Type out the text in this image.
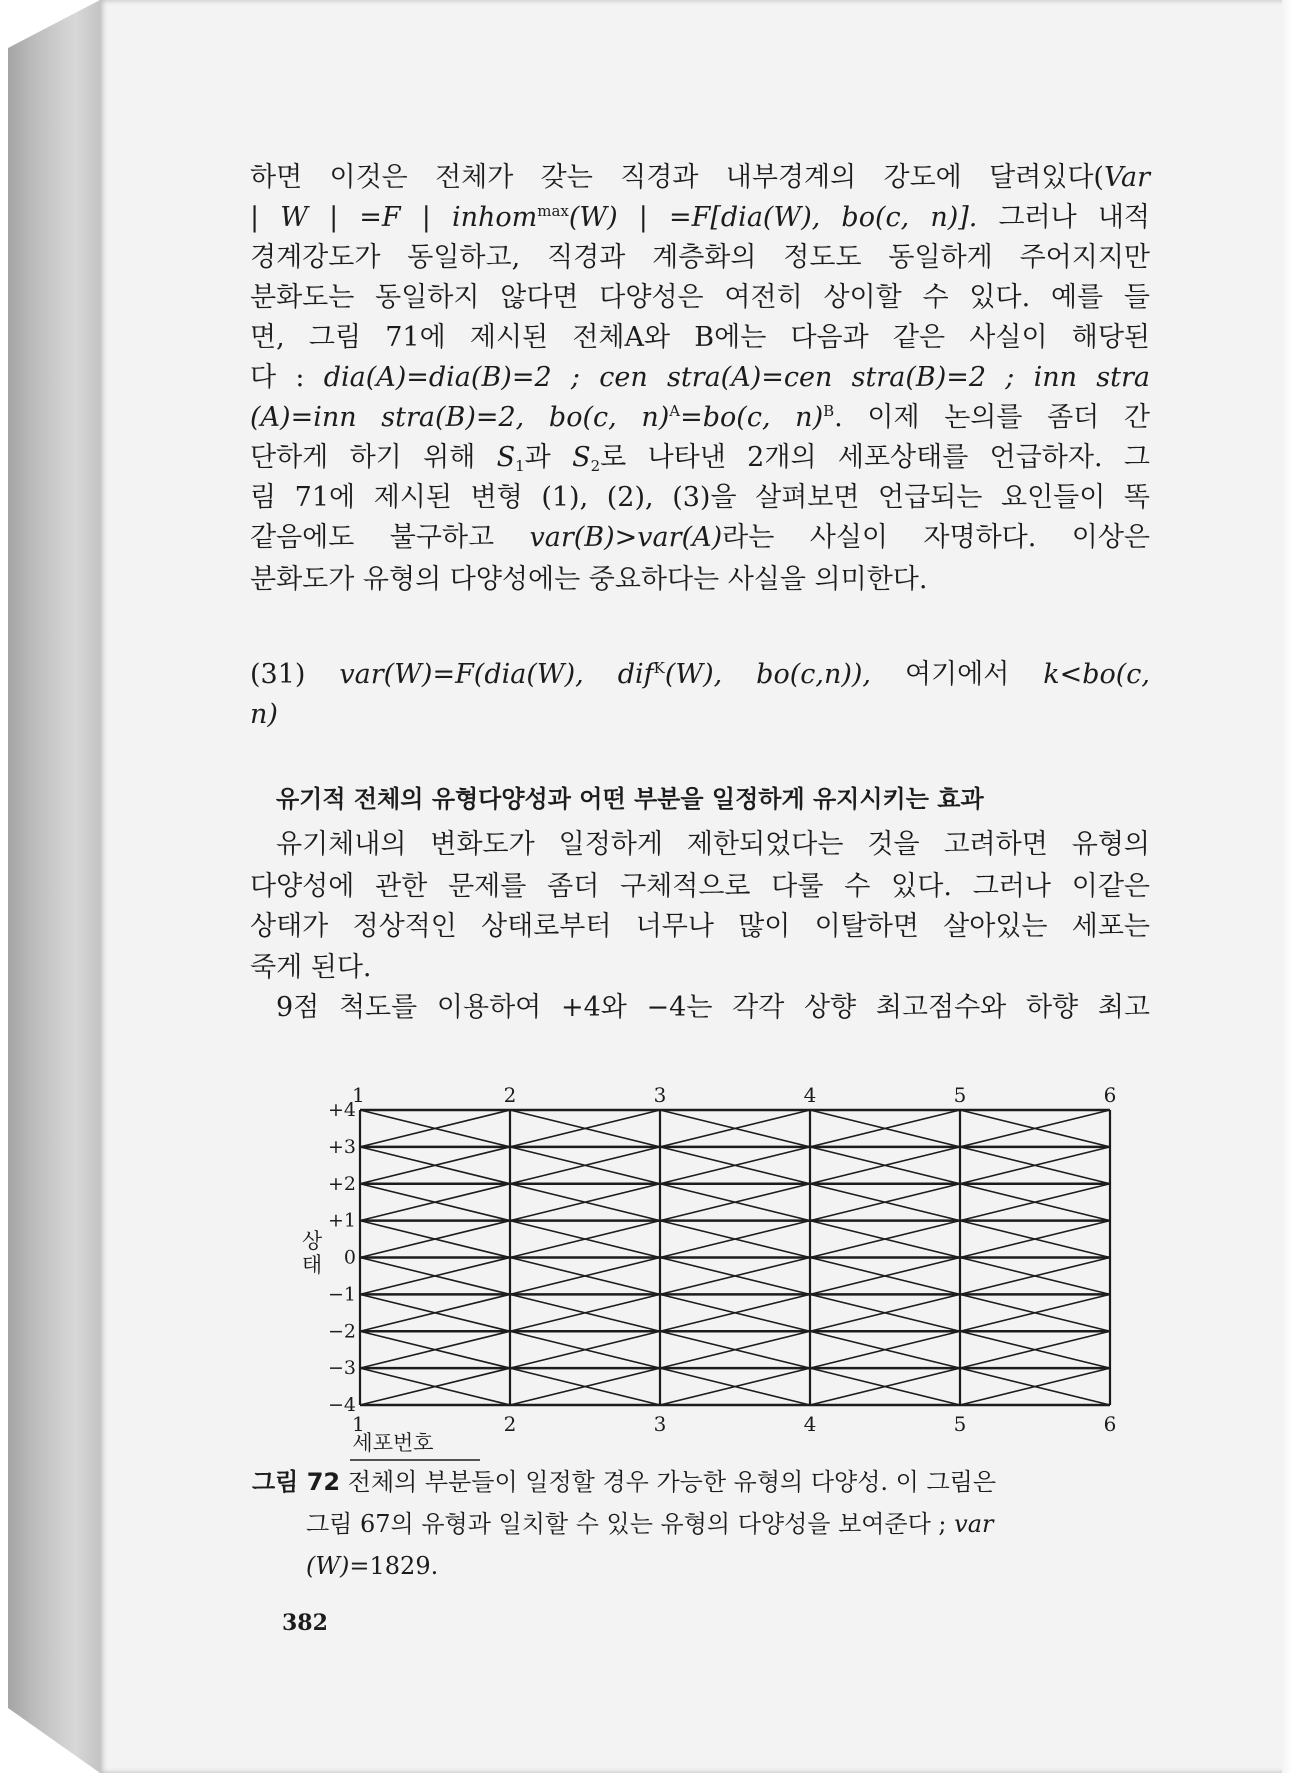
하면 이것은 전체가 갖는 직경과 내부경계의 강도에 달려있다(Var
| W | =F | inhom$^{max}$(W) | =F[dia(W), bo(c, n)]. 그러나 내적
경계강도가 동일하고, 직경과 계층화의 정도도 동일하게 주어지지만
분화도는 동일하지 않다면 다양성은 여전히 상이할 수 있다. 예를 들
면, 그림 71에 제시된 전체A와 B에는 다음과 같은 사실이 해당된
다 : dia(A)=dia(B)=2 ; cen stra(A)=cen stra(B)=2 ; inn stra
(A)=inn stra(B)=2, bo(c, n)$^A$=bo(c, n)$^B$. 이제 논의를 좀더 간
단하게 하기 위해 $S_1$과 $S_2$로 나타낸 2개의 세포상태를 언급하자. 그
림 71에 제시된 변형 (1), (2), (3)을 살펴보면 언급되는 요인들이 똑
같음에도 불구하고 var(B)>var(A)라는 사실이 자명하다. 이상은
분화도가 유형의 다양성에는 중요하다는 사실을 의미한다.
(31) var(W)=F(dia(W), dif$^K$(W), bo(c,n)), 여기에서 k<bo(c,
n)
유기적 전체의 유형다양성과 어떤 부분을 일정하게 유지시키는 효과
유기체내의 변화도가 일정하게 제한되었다는 것을 고려하면 유형의
다양성에 관한 문제를 좀더 구체적으로 다룰 수 있다. 그러나 이같은
상태가 정상적인 상태로부터 너무나 많이 이탈하면 살아있는 세포는
죽게 된다.
9점 척도를 이용하여 +4와 −4는 각각 상향 최고점수와 하향 최고
1	2	3	4	5	6
1	2	3	4	5	6
+4
+3
+2
+1
0
−1
−2
−3
−4
상
태
세포번호
그림 72 전체의 부분들이 일정할 경우 가능한 유형의 다양성. 이 그림은
그림 67의 유형과 일치할 수 있는 유형의 다양성을 보여준다 ; var
(W)=1829.
382
